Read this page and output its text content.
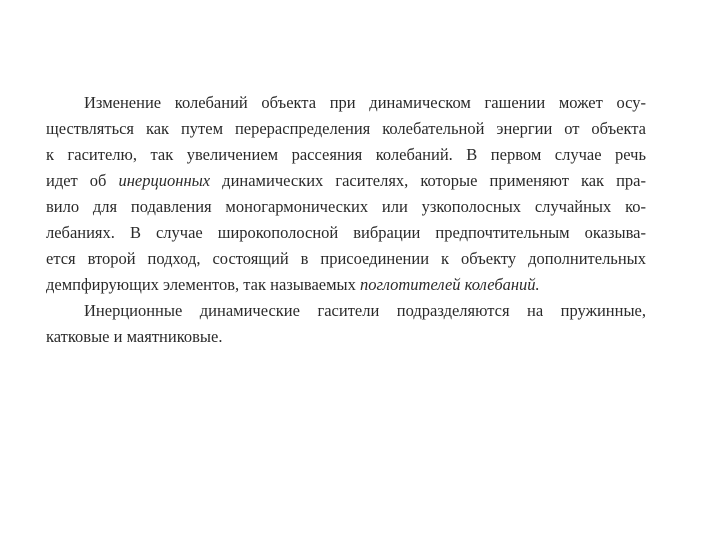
Изменение колебаний объекта при динамическом гашении может осу-
ществляться как путем перераспределения колебательной энергии от объекта
к гасителю, так увеличением рассеяния колебаний. В первом случае речь
идет об инерционных динамических гасителях, которые применяют как пра-
вило для подавления моногармонических или узкополосных случайных ко-
лебаниях. В случае широкополосной вибрации предпочтительным оказыва-
ется второй подход, состоящий в присоединении к объекту дополнительных
демпфирующих элементов, так называемых поглотителей колебаний.
Инерционные динамические гасители подразделяются на пружинные,
катковые и маятниковые.
